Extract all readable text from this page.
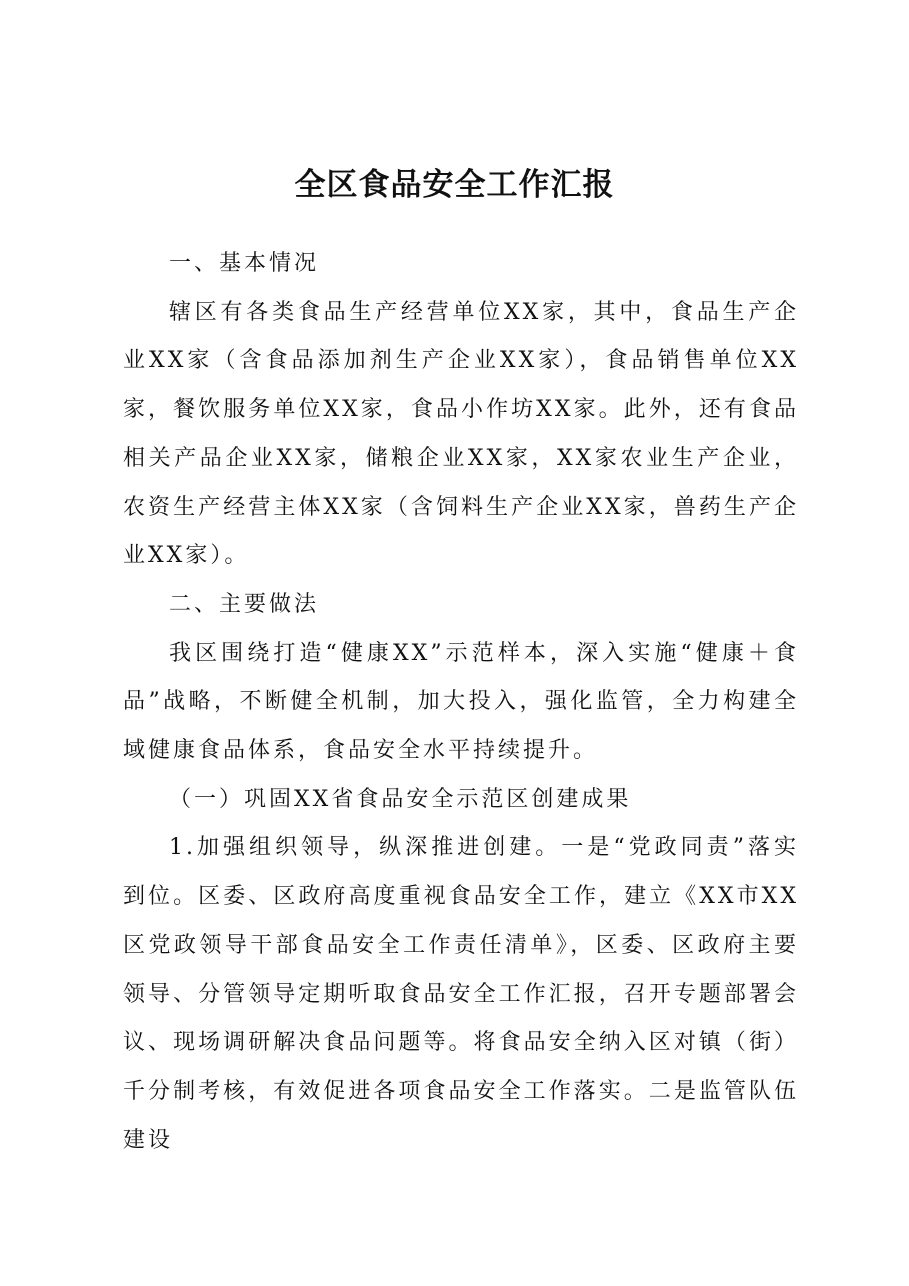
全区食品安全工作汇报

一、基本情况

辖区有各类食品生产经营单位XX家，其中，食品生产企业XX家（含食品添加剂生产企业XX家），食品销售单位XX家，餐饮服务单位XX家，食品小作坊XX家。此外，还有食品相关产品企业XX家，储粮企业XX家，XX家农业生产企业，农资生产经营主体XX家（含饲料生产企业XX家，兽药生产企业XX家）。

二、主要做法

我区围绕打造“健康XX”示范样本，深入实施“健康＋食品”战略，不断健全机制，加大投入，强化监管，全力构建全域健康食品体系，食品安全水平持续提升。

（一）巩固XX省食品安全示范区创建成果

1.加强组织领导，纵深推进创建。一是“党政同责”落实到位。区委、区政府高度重视食品安全工作，建立《XX市XX区党政领导干部食品安全工作责任清单》，区委、区政府主要领导、分管领导定期听取食品安全工作汇报，召开专题部署会议、现场调研解决食品问题等。将食品安全纳入区对镇（街）千分制考核，有效促进各项食品安全工作落实。二是监管队伍建设
